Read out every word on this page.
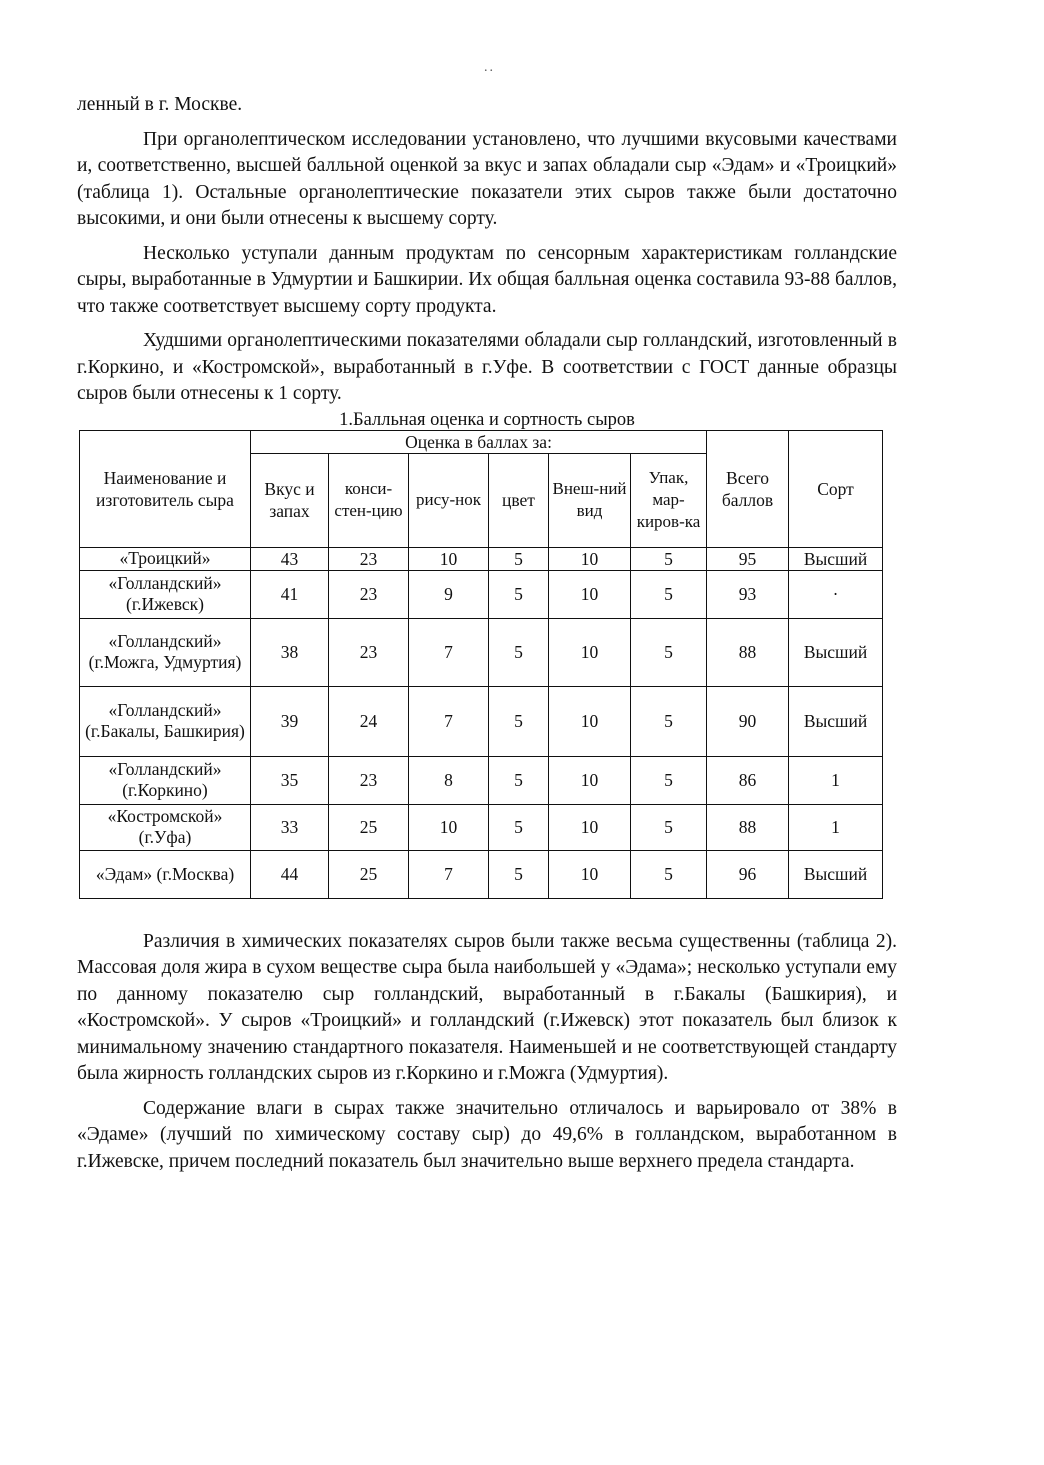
..

ленный в г. Москве.

При органолептическом исследовании установлено, что лучшими вкусовыми качествами и, соответственно, высшей балльной оценкой за вкус и запах обладали сыр «Эдам» и «Троицкий» (таблица 1). Остальные органолептические показатели этих сыров также были достаточно высокими, и они были отнесены к высшему сорту.

Несколько уступали данным продуктам по сенсорным характеристикам голландские сыры, выработанные в Удмуртии и Башкирии. Их общая балльная оценка составила 93-88 баллов, что также соответствует высшему сорту продукта.

Худшими органолептическими показателями обладали сыр голландский, изготовленный в г.Коркино, и «Костромской», выработанный в г.Уфе. В соответствии с ГОСТ данные образцы сыров были отнесены к 1 сорту.

1.Балльная оценка и сортность сыров
Наименование и изготовитель сыра	Оценка в баллах за:						Всего баллов	Сорт
	Вкус и запах	конси-стен-цию	рису-нок	цвет	Внеш-ний вид	Упак, мар-киров-ка		
«Троицкий»	43	23	10	5	10	5	95	Высший
«Голландский» (г.Ижевск)	41	23	9	5	10	5	93	·
«Голландский» (г.Можга, Удмуртия)	38	23	7	5	10	5	88	Высший
«Голландский» (г.Бакалы, Башкирия)	39	24	7	5	10	5	90	Высший
«Голландский» (г.Коркино)	35	23	8	5	10	5	86	1
«Костромской» (г.Уфа)	33	25	10	5	10	5	88	1
«Эдам» (г.Москва)	44	25	7	5	10	5	96	Высший

Различия в химических показателях сыров были также весьма существенны (таблица 2). Массовая доля жира в сухом веществе сыра была наибольшей у «Эдама»; несколько уступали ему по данному показателю сыр голландский, выработанный в г.Бакалы (Башкирия), и «Костромской». У сыров «Троицкий» и голландский (г.Ижевск) этот показатель был близок к минимальному значению стандартного показателя. Наименьшей и не соответствующей стандарту была жирность голландских сыров из г.Коркино и г.Можга (Удмуртия).

Содержание влаги в сырах также значительно отличалось и варьировало от 38% в «Эдаме» (лучший по химическому составу сыр) до 49,6% в голландском, выработанном в г.Ижевске, причем последний показатель был значительно выше верхнего предела стандарта.
